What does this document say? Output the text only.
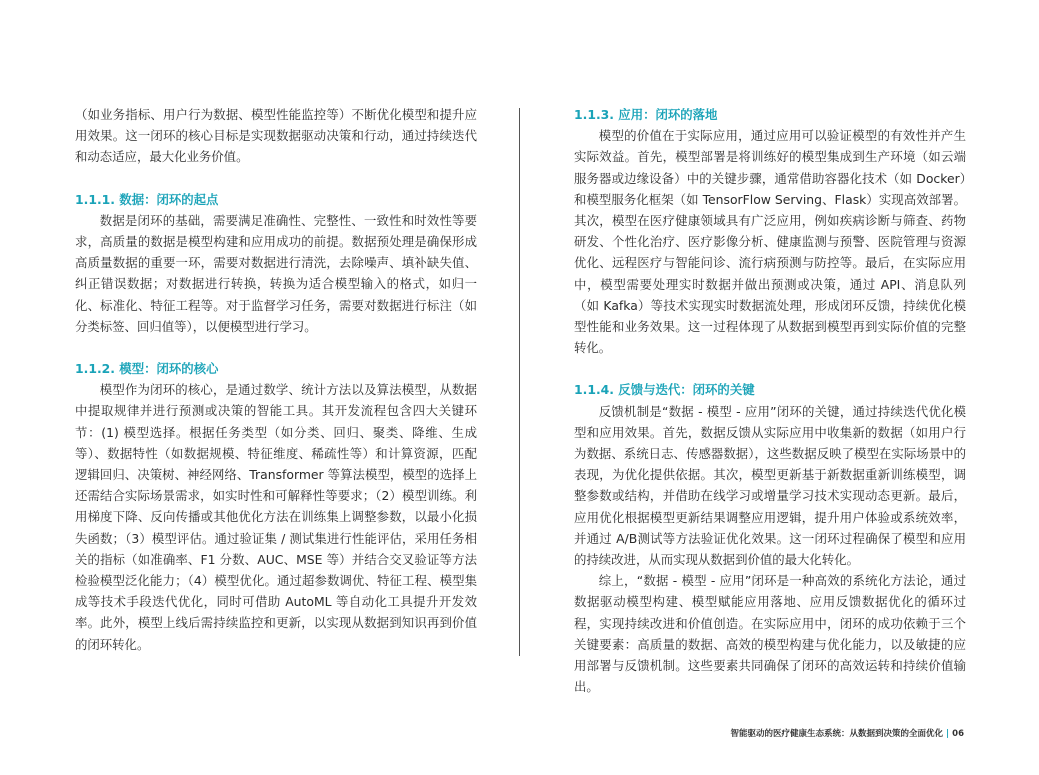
（如业务指标、用户行为数据、模型性能监控等）不断优化模型和提升应用效果。这一闭环的核心目标是实现数据驱动决策和行动，通过持续迭代和动态适应，最大化业务价值。

1.1.1. 数据：闭环的起点

数据是闭环的基础，需要满足准确性、完整性、一致性和时效性等要求，高质量的数据是模型构建和应用成功的前提。数据预处理是确保形成高质量数据的重要一环，需要对数据进行清洗，去除噪声、填补缺失值、纠正错误数据；对数据进行转换，转换为适合模型输入的格式，如归一化、标准化、特征工程等。对于监督学习任务，需要对数据进行标注（如分类标签、回归值等），以便模型进行学习。

1.1.2. 模型：闭环的核心

模型作为闭环的核心，是通过数学、统计方法以及算法模型，从数据中提取规律并进行预测或决策的智能工具。其开发流程包含四大关键环节：(1) 模型选择。根据任务类型（如分类、回归、聚类、降维、生成等）、数据特性（如数据规模、特征维度、稀疏性等）和计算资源，匹配逻辑回归、决策树、神经网络、Transformer 等算法模型，模型的选择上还需结合实际场景需求，如实时性和可解释性等要求；（2）模型训练。利用梯度下降、反向传播或其他优化方法在训练集上调整参数，以最小化损失函数；（3）模型评估。通过验证集 / 测试集进行性能评估，采用任务相关的指标（如准确率、F1 分数、AUC、MSE 等）并结合交叉验证等方法检验模型泛化能力；（4）模型优化。通过超参数调优、特征工程、模型集成等技术手段迭代优化，同时可借助 AutoML 等自动化工具提升开发效率。此外，模型上线后需持续监控和更新，以实现从数据到知识再到价值的闭环转化。

1.1.3. 应用：闭环的落地

模型的价值在于实际应用，通过应用可以验证模型的有效性并产生实际效益。首先，模型部署是将训练好的模型集成到生产环境（如云端服务器或边缘设备）中的关键步骤，通常借助容器化技术（如 Docker）和模型服务化框架（如 TensorFlow Serving、Flask）实现高效部署。其次，模型在医疗健康领域具有广泛应用，例如疾病诊断与筛查、药物研发、个性化治疗、医疗影像分析、健康监测与预警、医院管理与资源优化、远程医疗与智能问诊、流行病预测与防控等。最后，在实际应用中，模型需要处理实时数据并做出预测或决策，通过 API、消息队列（如 Kafka）等技术实现实时数据流处理，形成闭环反馈，持续优化模型性能和业务效果。这一过程体现了从数据到模型再到实际价值的完整转化。

1.1.4. 反馈与迭代：闭环的关键

反馈机制是“数据 - 模型 - 应用”闭环的关键，通过持续迭代优化模型和应用效果。首先，数据反馈从实际应用中收集新的数据（如用户行为数据、系统日志、传感器数据），这些数据反映了模型在实际场景中的表现，为优化提供依据。其次，模型更新基于新数据重新训练模型，调整参数或结构，并借助在线学习或增量学习技术实现动态更新。最后，应用优化根据模型更新结果调整应用逻辑，提升用户体验或系统效率，并通过 A/B测试等方法验证优化效果。这一闭环过程确保了模型和应用的持续改进，从而实现从数据到价值的最大化转化。

综上，“数据 - 模型 - 应用”闭环是一种高效的系统化方法论，通过数据驱动模型构建、模型赋能应用落地、应用反馈数据优化的循环过程，实现持续改进和价值创造。在实际应用中，闭环的成功依赖于三个关键要素：高质量的数据、高效的模型构建与优化能力，以及敏捷的应用部署与反馈机制。这些要素共同确保了闭环的高效运转和持续价值输出。

智能驱动的医疗健康生态系统：从数据到决策的全面优化 | 06
